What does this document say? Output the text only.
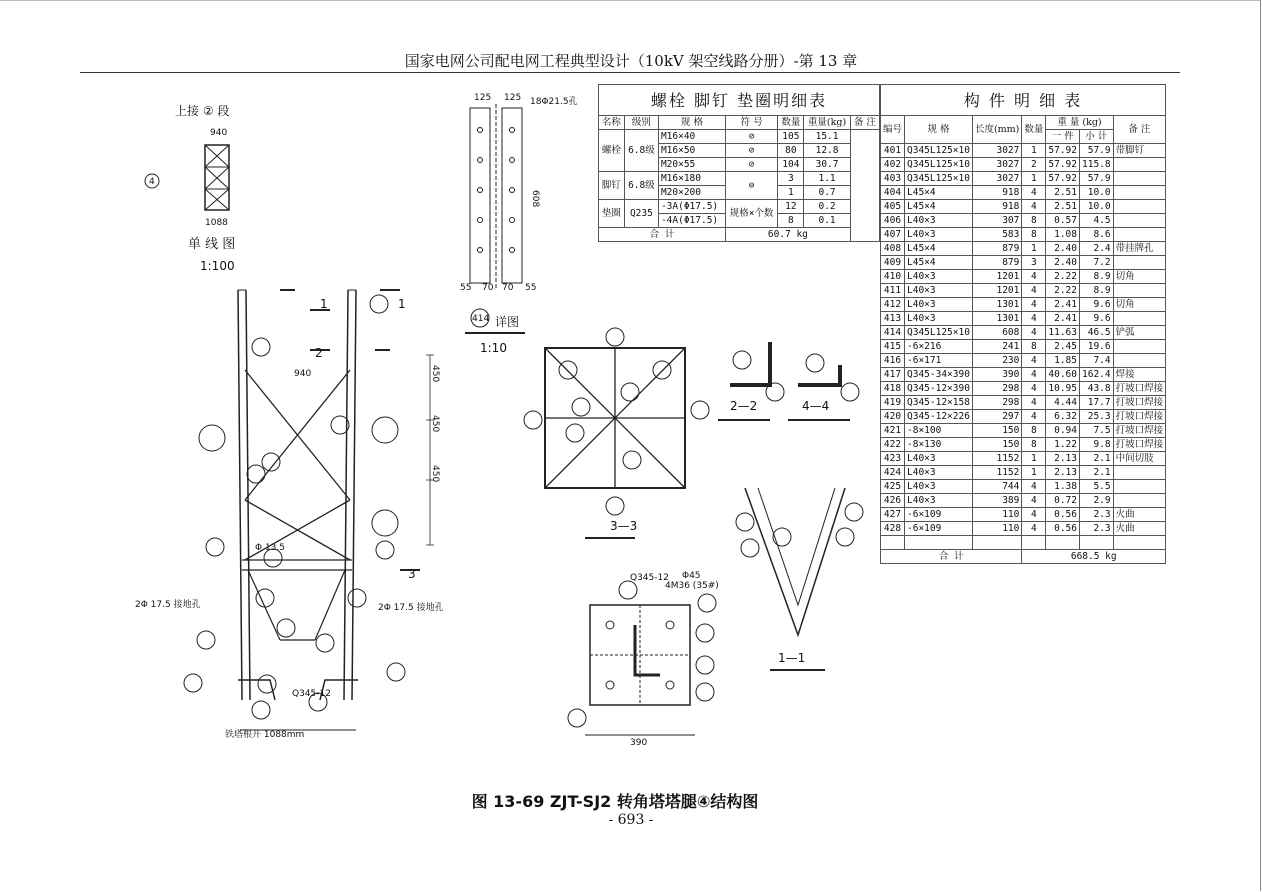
国家电网公司配电网工程典型设计（10kV 架空线路分册）-第 13 章
上接 ② 段
4
940
1088
单 线 图
1:100
940
Φ 13.5
2Φ 17.5 接地孔	2Φ 17.5 接地孔
铁塔根开 1088mm
Q345-12
1	1
2
3
450
450
450
18Φ21.5孔
125 125
608
55 70 70 55
414 详图
1:10
3—3
2—2	4—4
1—1
Q345-12 Φ45
4M36 (35#)
390
螺栓 脚钉 垫圈明细表						
名称	级别	规 格	符 号	数量	重量(kg)	备 注
螺栓	6.8级	M16×40	⊘	105	15.1	
		M16×50	⊘	80	12.8	
		M20×55	⊘	104	30.7	
脚钉	6.8级	M16×180	⊖	3	1.1	
		M20×200		1	0.7	
垫圈	Q235	-3A(Φ17.5)	规格×个数	12	0.2	
		-4A(Φ17.5)		8	0.1	
合 计			60.7 kg			
构 件 明 细 表						
编号	规 格	长度(mm)	数量	重 量 (kg)		备 注
				一 件	小 计	
401	Q345L125×10	3027	1	57.92	57.9	带脚钉
402	Q345L125×10	3027	2	57.92	115.8	
403	Q345L125×10	3027	1	57.92	57.9	
404	L45×4	918	4	2.51	10.0	
405	L45×4	918	4	2.51	10.0	
406	L40×3	307	8	0.57	4.5	
407	L40×3	583	8	1.08	8.6	
408	L45×4	879	1	2.40	2.4	带挂牌孔
409	L45×4	879	3	2.40	7.2	
410	L40×3	1201	4	2.22	8.9	切角
411	L40×3	1201	4	2.22	8.9	
412	L40×3	1301	4	2.41	9.6	切角
413	L40×3	1301	4	2.41	9.6	
414	Q345L125×10	608	4	11.63	46.5	铲弧
415	-6×216	241	8	2.45	19.6	
416	-6×171	230	4	1.85	7.4	
417	Q345-34×390	390	4	40.60	162.4	焊接
418	Q345-12×390	298	4	10.95	43.8	打坡口焊接
419	Q345-12×158	298	4	4.44	17.7	打坡口焊接
420	Q345-12×226	297	4	6.32	25.3	打坡口焊接
421	-8×100	150	8	0.94	7.5	打坡口焊接
422	-8×130	150	8	1.22	9.8	打坡口焊接
423	L40×3	1152	1	2.13	2.1	中间切肢
424	L40×3	1152	1	2.13	2.1	
425	L40×3	744	4	1.38	5.5	
426	L40×3	389	4	0.72	2.9	
427	-6×109	110	4	0.56	2.3	火曲
428	-6×109	110	4	0.56	2.3	火曲

合 计			668.5 kg			
图 13-69 ZJT-SJ2 转角塔塔腿④结构图
- 693 -
